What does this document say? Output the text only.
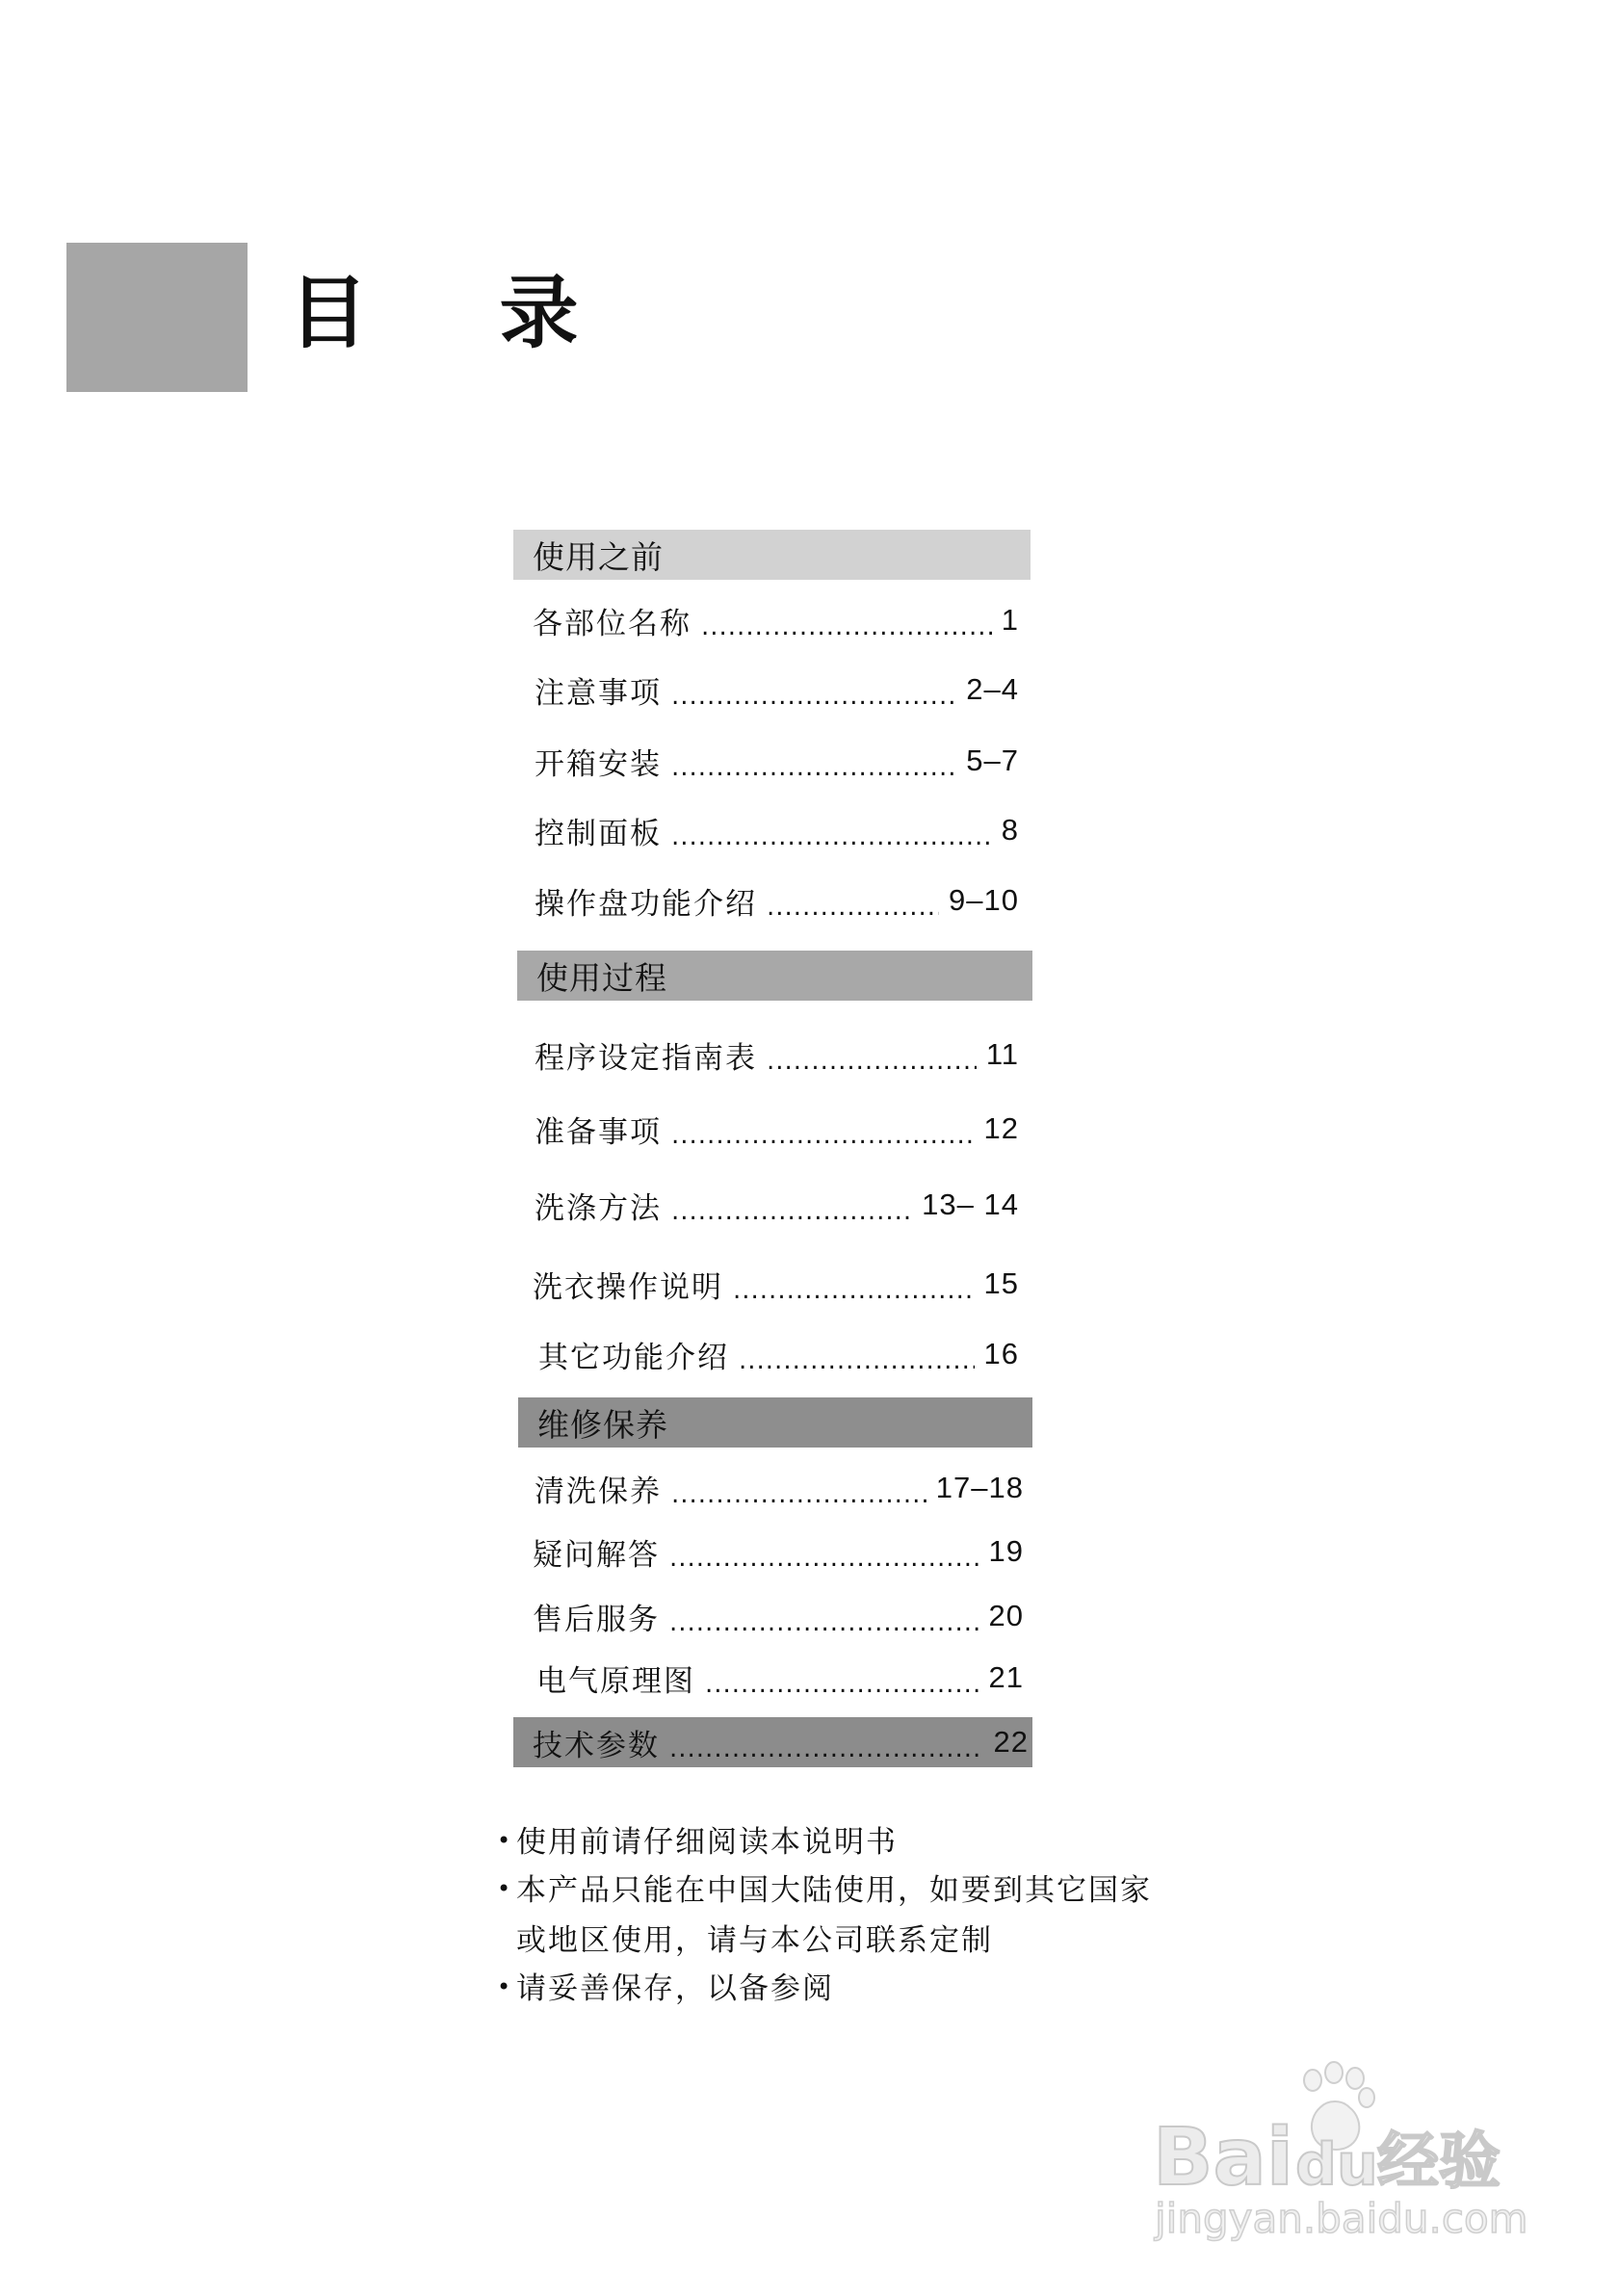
目 录
使用之前
各部位名称 .....	1
注意事项 .....	2–4
开箱安装 .....	5–7
控制面板 .....	8
操作盘功能介绍 .....	9–10
使用过程
程序设定指南表 .....	11
准备事项 .....	12
洗涤方法 .....	13– 14
洗衣操作说明 .....	15
其它功能介绍 .....	16
维修保养
清洗保养 .....	17–18
疑问解答 .....	19
售后服务 .....	20
电气原理图 .....	21
技术参数 .....	22
• 使用前请仔细阅读本说明书
• 本产品只能在中国大陆使用，如要到其它国家
或地区使用，请与本公司联系定制
• 请妥善保存，以备参阅
Bai du 经验
jingyan.baidu.com
